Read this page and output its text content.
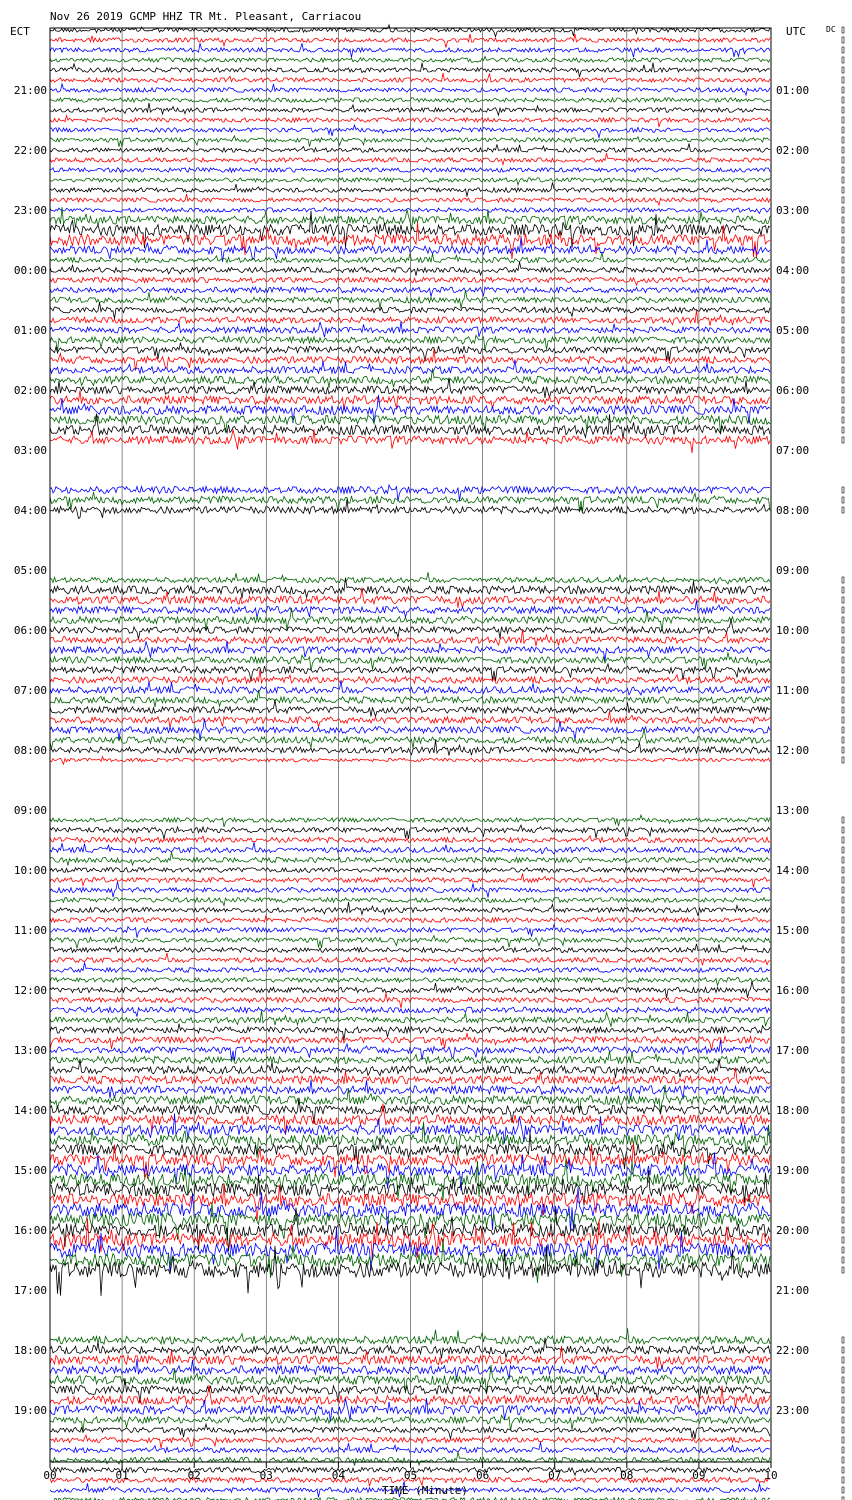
Nov 26 2019 GCMP HHZ TR Mt. Pleasant, Carriacou
ECT	UTC	DC
00	01	02	03	04	05	06	07	08	09	10
21:00
22:00
23:00
00:00
01:00
02:00
03:00
04:00
05:00
06:00
07:00
08:00
09:00
10:00
11:00
12:00
13:00
14:00
15:00
16:00
17:00
18:00
19:00
01:00
02:00
03:00
04:00
05:00
06:00
07:00
08:00
09:00
10:00
11:00
12:00
13:00
14:00
15:00
16:00
17:00
18:00
19:00
20:00
21:00
22:00
23:00
TIME (Minute)
